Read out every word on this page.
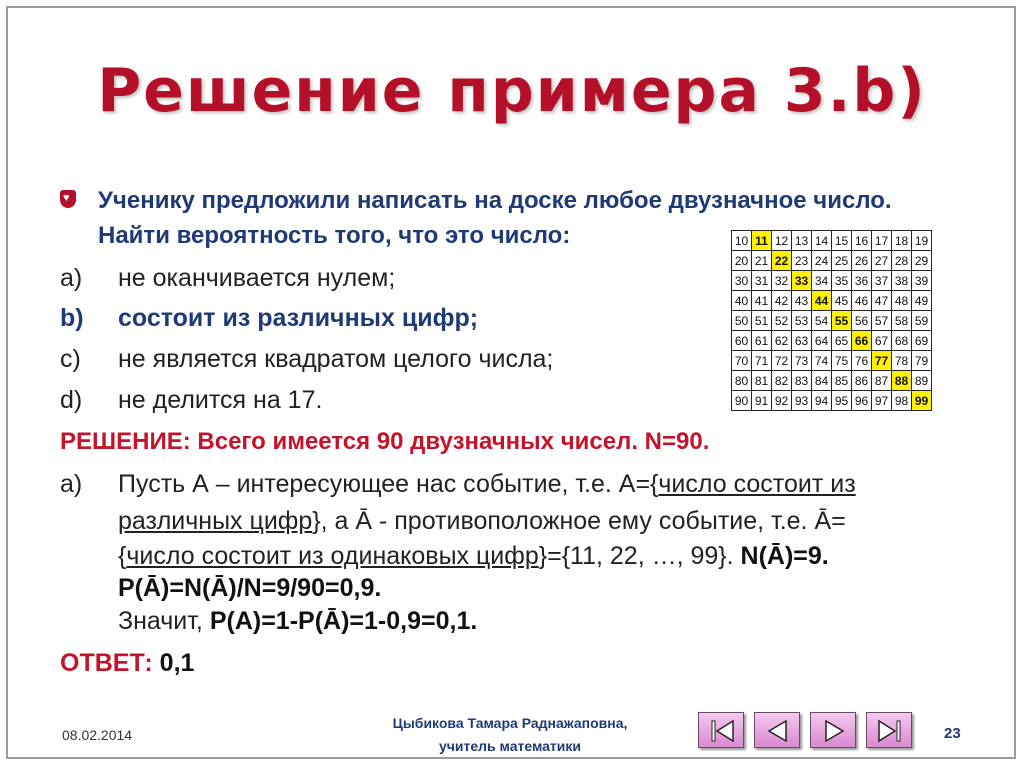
Решение примера 3.b)
♥
Ученику предложили написать на доске любое двузначное число.
Найти вероятность того, что это число:
a) не оканчивается нулем;
b) состоит из различных цифр;
c) не является квадратом целого числа;
d) не делится на 17.
РЕШЕНИЕ: Всего имеется 90 двузначных чисел. N=90.
a) Пусть А – интересующее нас событие, т.е. А={число состоит из
различных цифр}, а Ā - противоположное ему событие, т.е. Ā=
{число состоит из одинаковых цифр}={11, 22, …, 99}. N(Ā)=9.
P(Ā)=N(Ā)/N=9/90=0,9.
Значит, P(A)=1-P(Ā)=1-0,9=0,1.
ОТВЕТ: 0,1
10	11	12	13	14	15	16	17	18	19
20	21	22	23	24	25	26	27	28	29
30	31	32	33	34	35	36	37	38	39
40	41	42	43	44	45	46	47	48	49
50	51	52	53	54	55	56	57	58	59
60	61	62	63	64	65	66	67	68	69
70	71	72	73	74	75	76	77	78	79
80	81	82	83	84	85	86	87	88	89
90	91	92	93	94	95	96	97	98	99
08.02.2014
Цыбикова Тамара Раднажаповна,
учитель математики
23
